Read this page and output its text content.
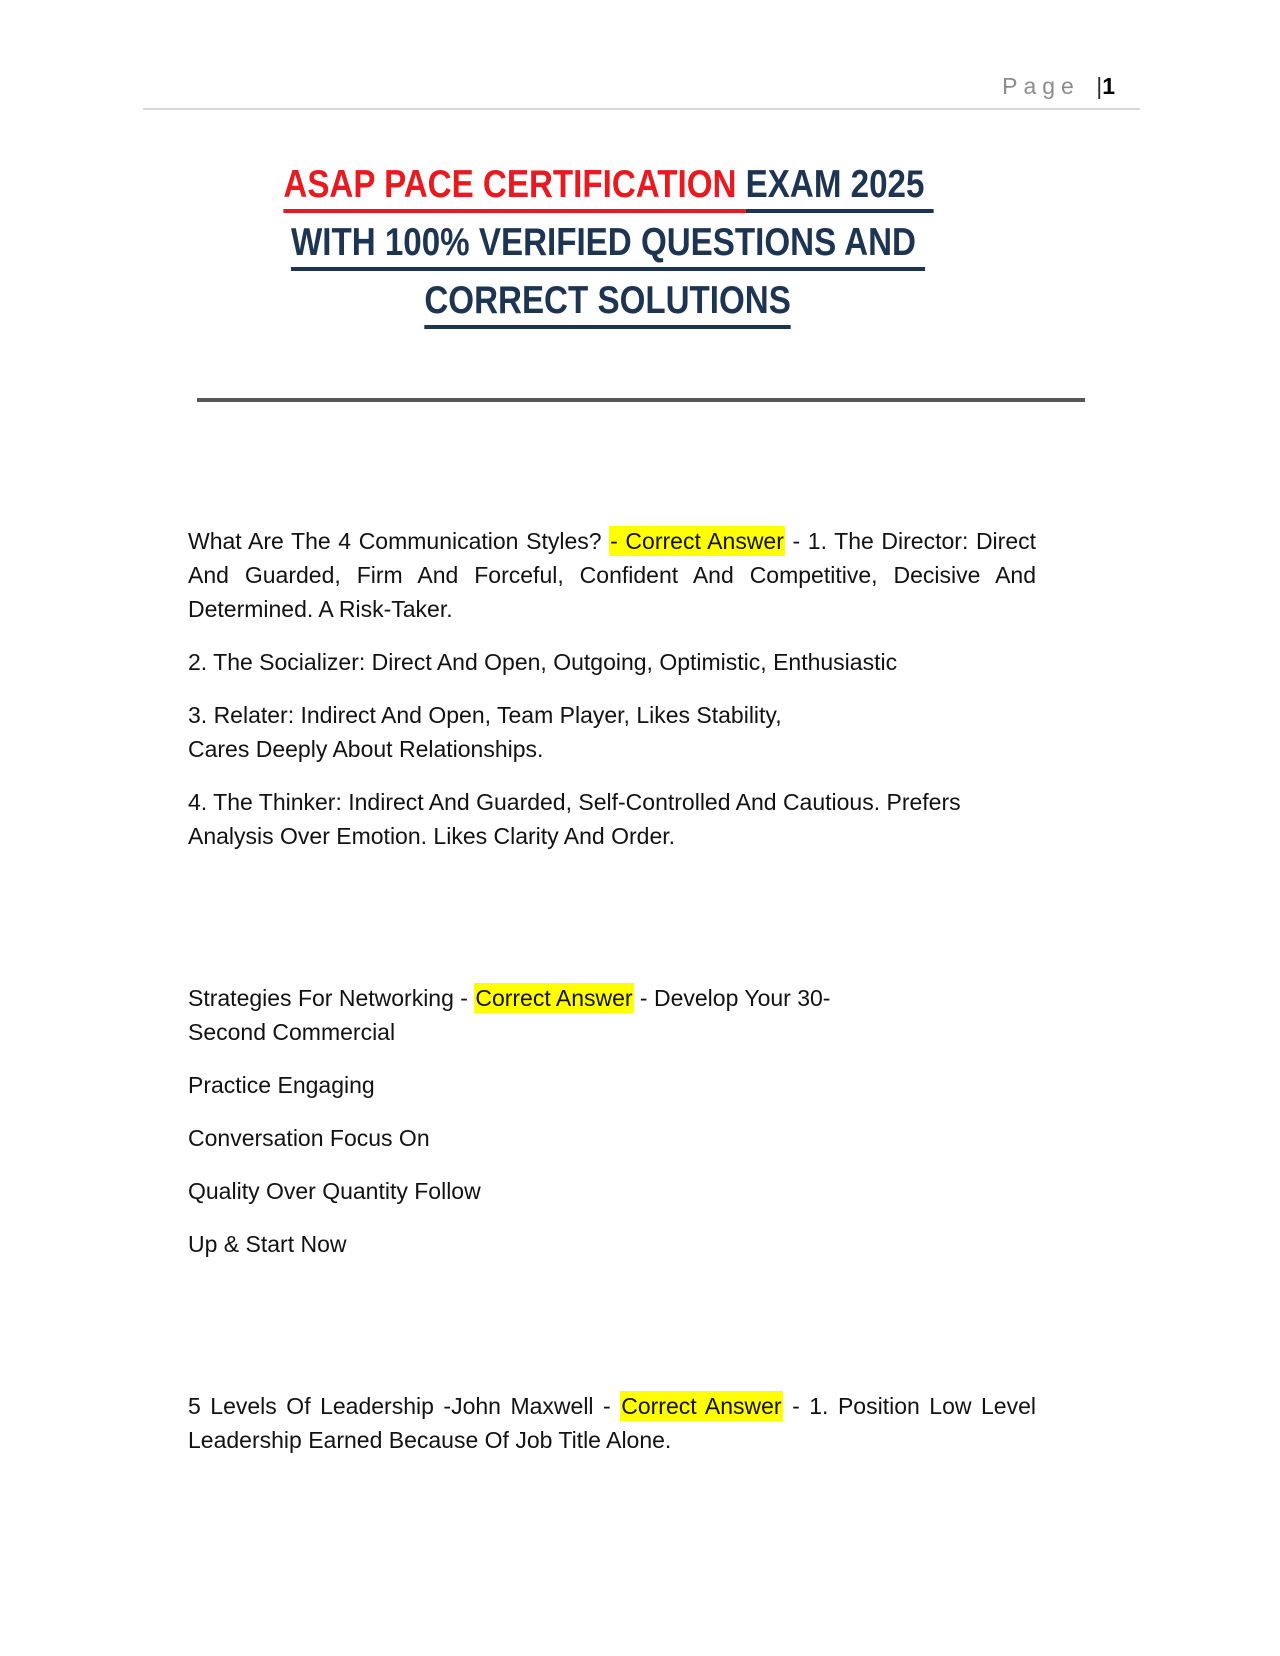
Page |1
ASAP PACE CERTIFICATION EXAM 2025
WITH 100% VERIFIED QUESTIONS AND
CORRECT SOLUTIONS

What Are The 4 Communication Styles? - Correct Answer - 1. The Director: Direct And Guarded, Firm And Forceful, Confident And Competitive, Decisive And Determined. A Risk-Taker.

2. The Socializer: Direct And Open, Outgoing, Optimistic, Enthusiastic

3. Relater: Indirect And Open, Team Player, Likes Stability,
Cares Deeply About Relationships.

4. The Thinker: Indirect And Guarded, Self-Controlled And Cautious. Prefers Analysis Over Emotion. Likes Clarity And Order.

Strategies For Networking - Correct Answer - Develop Your 30-
Second Commercial

Practice Engaging

Conversation Focus On

Quality Over Quantity Follow

Up & Start Now

5 Levels Of Leadership -John Maxwell - Correct Answer - 1. Position Low Level Leadership Earned Because Of Job Title Alone.
